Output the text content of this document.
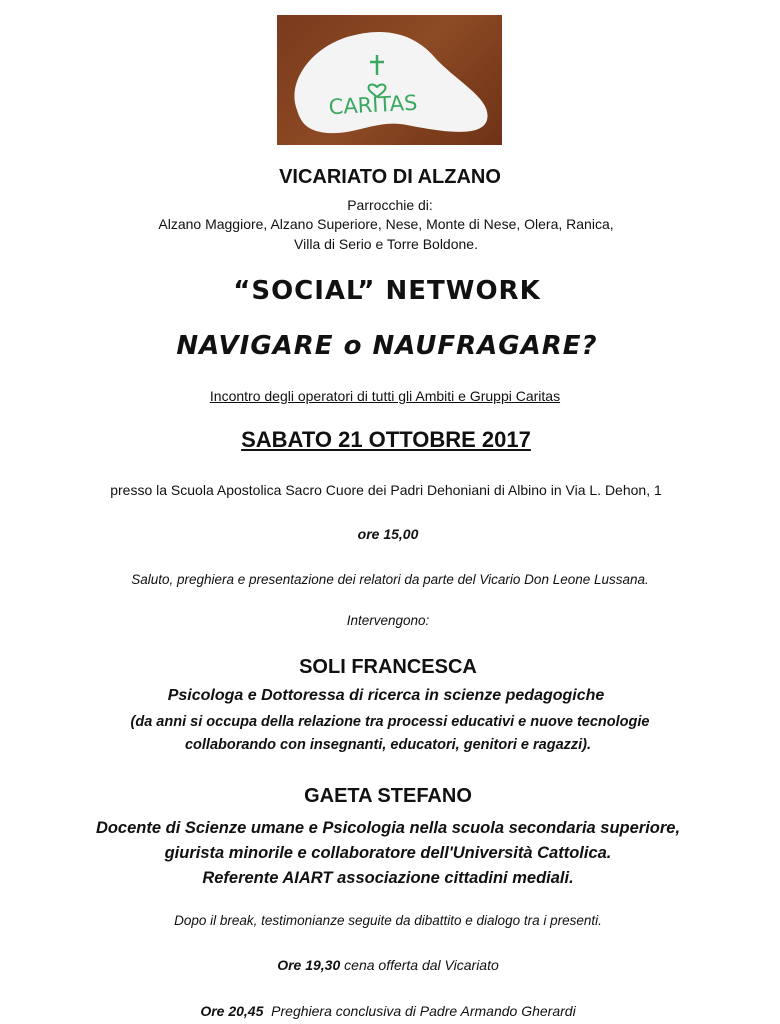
CARITAS
VICARIATO DI ALZANO
Parrocchie di:
Alzano Maggiore, Alzano Superiore, Nese, Monte di Nese, Olera, Ranica,
Villa di Serio e Torre Boldone.
“SOCIAL” NETWORK
NAVIGARE o NAUFRAGARE?
Incontro degli operatori di tutti gli Ambiti e Gruppi Caritas
SABATO 21 OTTOBRE 2017
presso la Scuola Apostolica Sacro Cuore dei Padri Dehoniani di Albino in Via L. Dehon, 1
ore 15,00
Saluto, preghiera e presentazione dei relatori da parte del Vicario Don Leone Lussana.
Intervengono:
SOLI FRANCESCA
Psicologa e Dottoressa di ricerca in scienze pedagogiche
(da anni si occupa della relazione tra processi educativi e nuove tecnologie
collaborando con insegnanti, educatori, genitori e ragazzi).
GAETA STEFANO
Docente di Scienze umane e Psicologia nella scuola secondaria superiore,
giurista minorile e collaboratore dell'Università Cattolica.
Referente AIART associazione cittadini mediali.
Dopo il break, testimonianze seguite da dibattito e dialogo tra i presenti.
Ore 19,30 cena offerta dal Vicariato
Ore 20,45 Preghiera conclusiva di Padre Armando Gherardi
